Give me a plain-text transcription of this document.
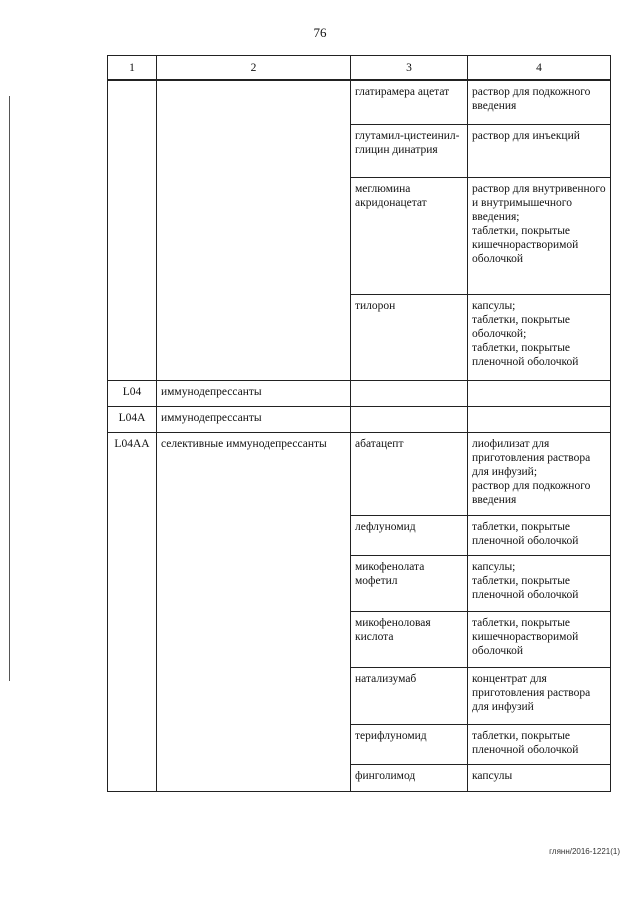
76
1	2	3	4
		глатирамера ацетат	раствор для подкожного введения
		глутамил-цистеинил-глицин динатрия	раствор для инъекций
		меглюмина акридонацетат	раствор для внутривенного и внутримышечного введения;
таблетки, покрытые кишечнорастворимой оболочкой
		тилорон	капсулы;
таблетки, покрытые оболочкой;
таблетки, покрытые пленочной оболочкой
L04	иммунодепрессанты		
L04A	иммунодепрессанты		
L04AA	селективные иммунодепрессанты	абатацепт	лиофилизат для приготовления раствора для инфузий;
раствор для подкожного введения
		лефлуномид	таблетки, покрытые пленочной оболочкой
		микофенолата мофетил	капсулы;
таблетки, покрытые пленочной оболочкой
		микофеноловая кислота	таблетки, покрытые кишечнорастворимой оболочкой
		натализумаб	концентрат для приготовления раствора для инфузий
		терифлуномид	таблетки, покрытые пленочной оболочкой
		финголимод	капсулы
глянн/2016-1221(1)
